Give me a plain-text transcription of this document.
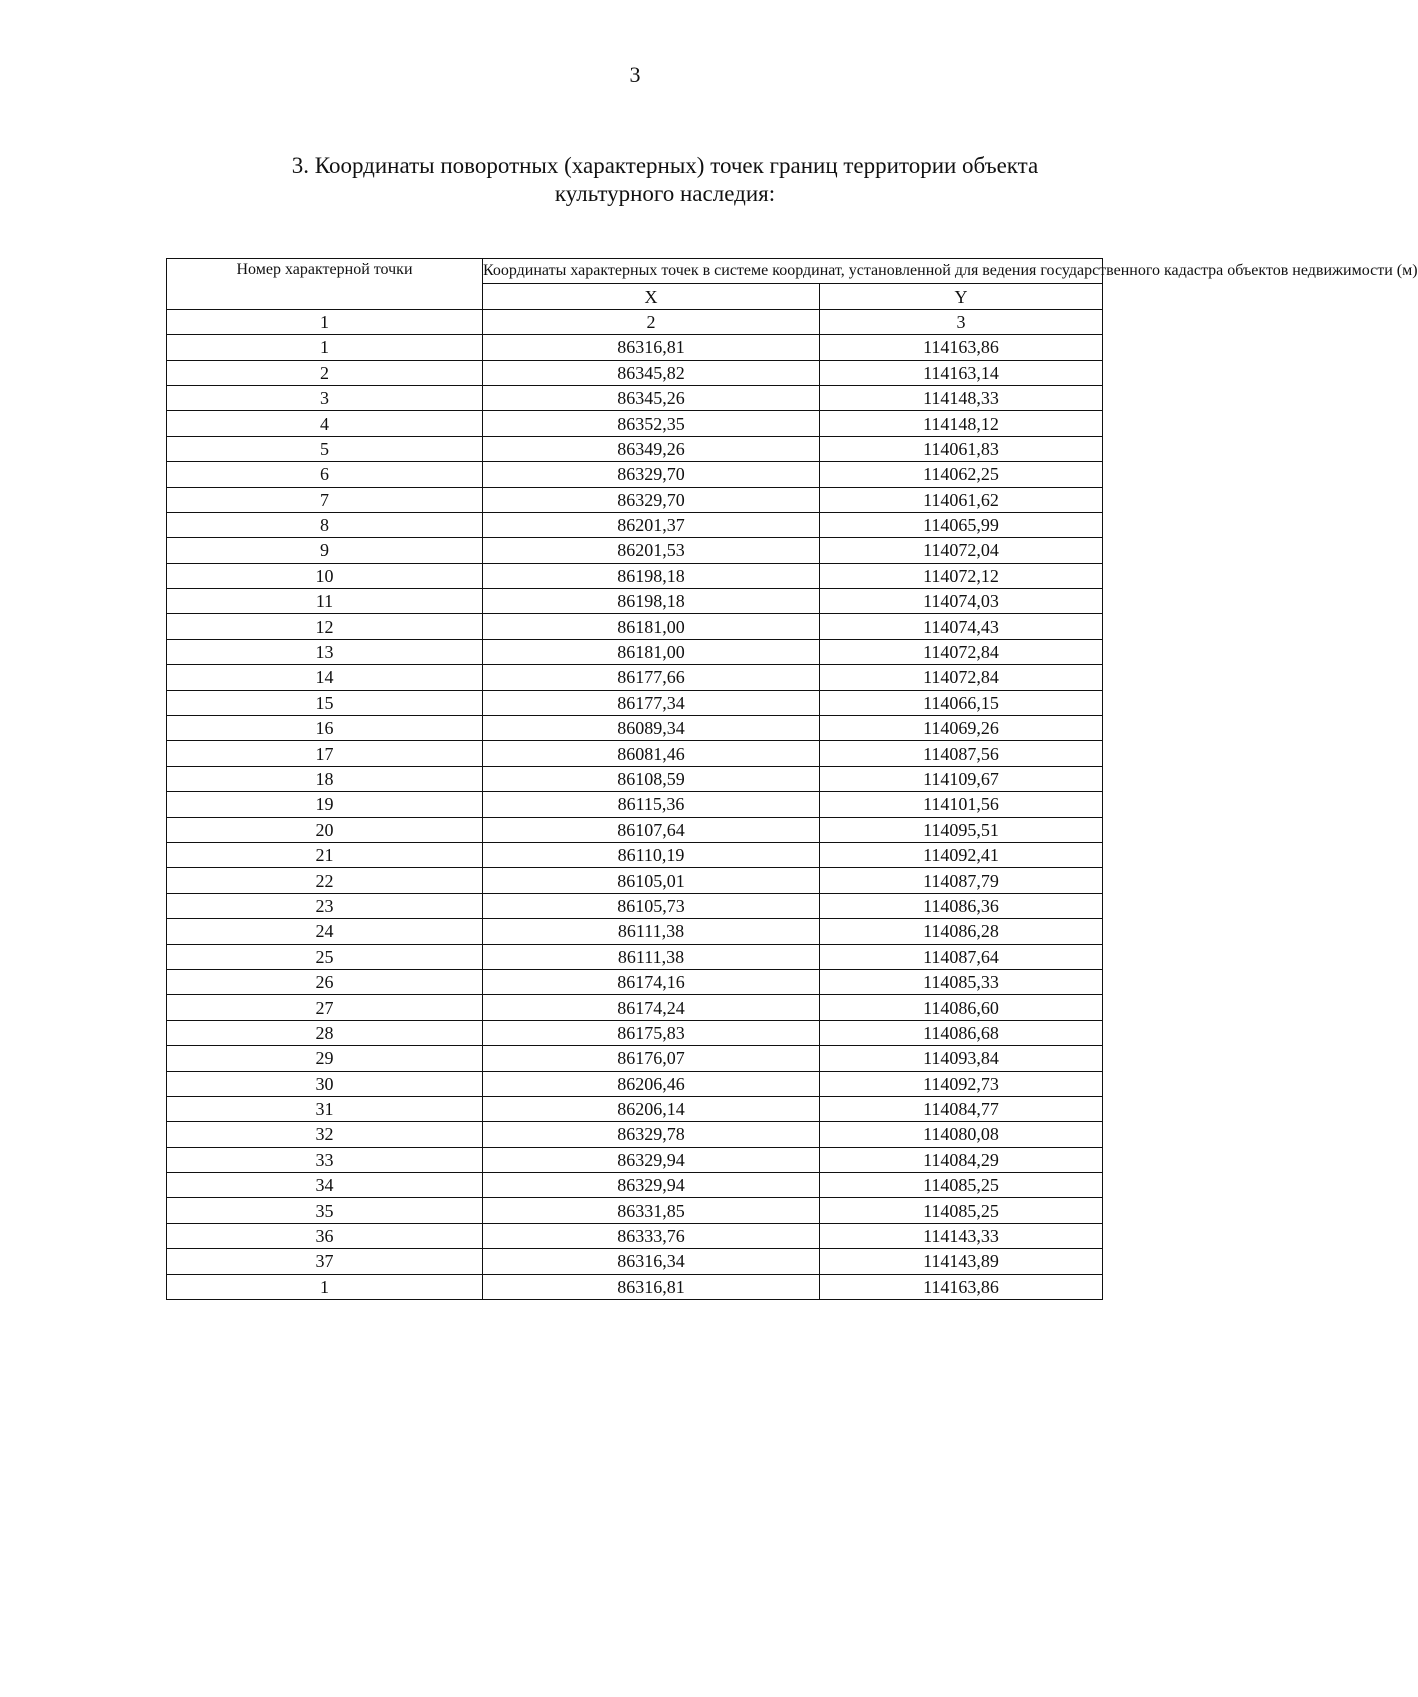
3
3. Координаты поворотных (характерных) точек границ территории объекта
культурного наследия:
Номер характерной точки	Координаты характерных точек в системе координат, установленной для ведения государственного кадастра объектов недвижимости (м)	
	X	Y
1	2	3
1	86316,81	114163,86
2	86345,82	114163,14
3	86345,26	114148,33
4	86352,35	114148,12
5	86349,26	114061,83
6	86329,70	114062,25
7	86329,70	114061,62
8	86201,37	114065,99
9	86201,53	114072,04
10	86198,18	114072,12
11	86198,18	114074,03
12	86181,00	114074,43
13	86181,00	114072,84
14	86177,66	114072,84
15	86177,34	114066,15
16	86089,34	114069,26
17	86081,46	114087,56
18	86108,59	114109,67
19	86115,36	114101,56
20	86107,64	114095,51
21	86110,19	114092,41
22	86105,01	114087,79
23	86105,73	114086,36
24	86111,38	114086,28
25	86111,38	114087,64
26	86174,16	114085,33
27	86174,24	114086,60
28	86175,83	114086,68
29	86176,07	114093,84
30	86206,46	114092,73
31	86206,14	114084,77
32	86329,78	114080,08
33	86329,94	114084,29
34	86329,94	114085,25
35	86331,85	114085,25
36	86333,76	114143,33
37	86316,34	114143,89
1	86316,81	114163,86
